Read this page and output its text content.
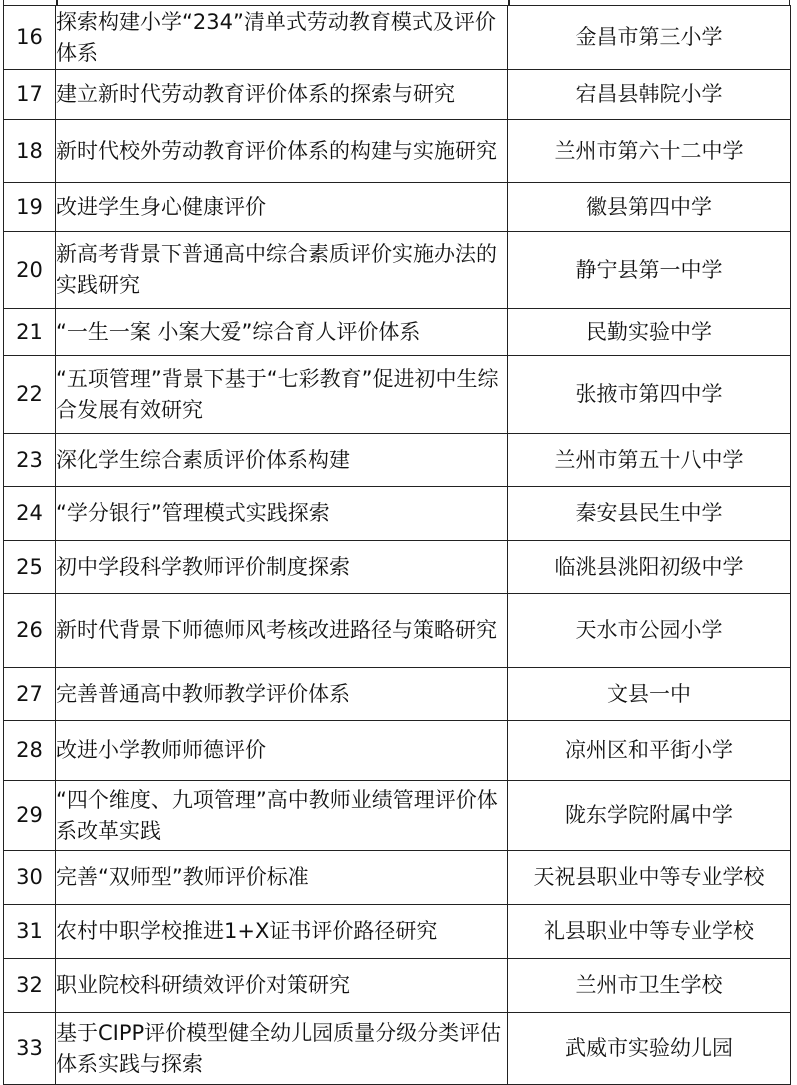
16	探索构建小学“234”清单式劳动教育模式及评价体系	金昌市第三小学
17	建立新时代劳动教育评价体系的探索与研究	宕昌县韩院小学
18	新时代校外劳动教育评价体系的构建与实施研究	兰州市第六十二中学
19	改进学生身心健康评价	徽县第四中学
20	新高考背景下普通高中综合素质评价实施办法的实践研究	静宁县第一中学
21	“一生一案 小案大爱”综合育人评价体系	民勤实验中学
22	“五项管理”背景下基于“七彩教育”促进初中生综合发展有效研究	张掖市第四中学
23	深化学生综合素质评价体系构建	兰州市第五十八中学
24	“学分银行”管理模式实践探索	秦安县民生中学
25	初中学段科学教师评价制度探索	临洮县洮阳初级中学
26	新时代背景下师德师风考核改进路径与策略研究	天水市公园小学
27	完善普通高中教师教学评价体系	文县一中
28	改进小学教师师德评价	凉州区和平街小学
29	“四个维度、九项管理”高中教师业绩管理评价体系改革实践	陇东学院附属中学
30	完善“双师型”教师评价标准	天祝县职业中等专业学校
31	农村中职学校推进1+X证书评价路径研究	礼县职业中等专业学校
32	职业院校科研绩效评价对策研究	兰州市卫生学校
33	基于CIPP评价模型健全幼儿园质量分级分类评估体系实践与探索	武威市实验幼儿园
